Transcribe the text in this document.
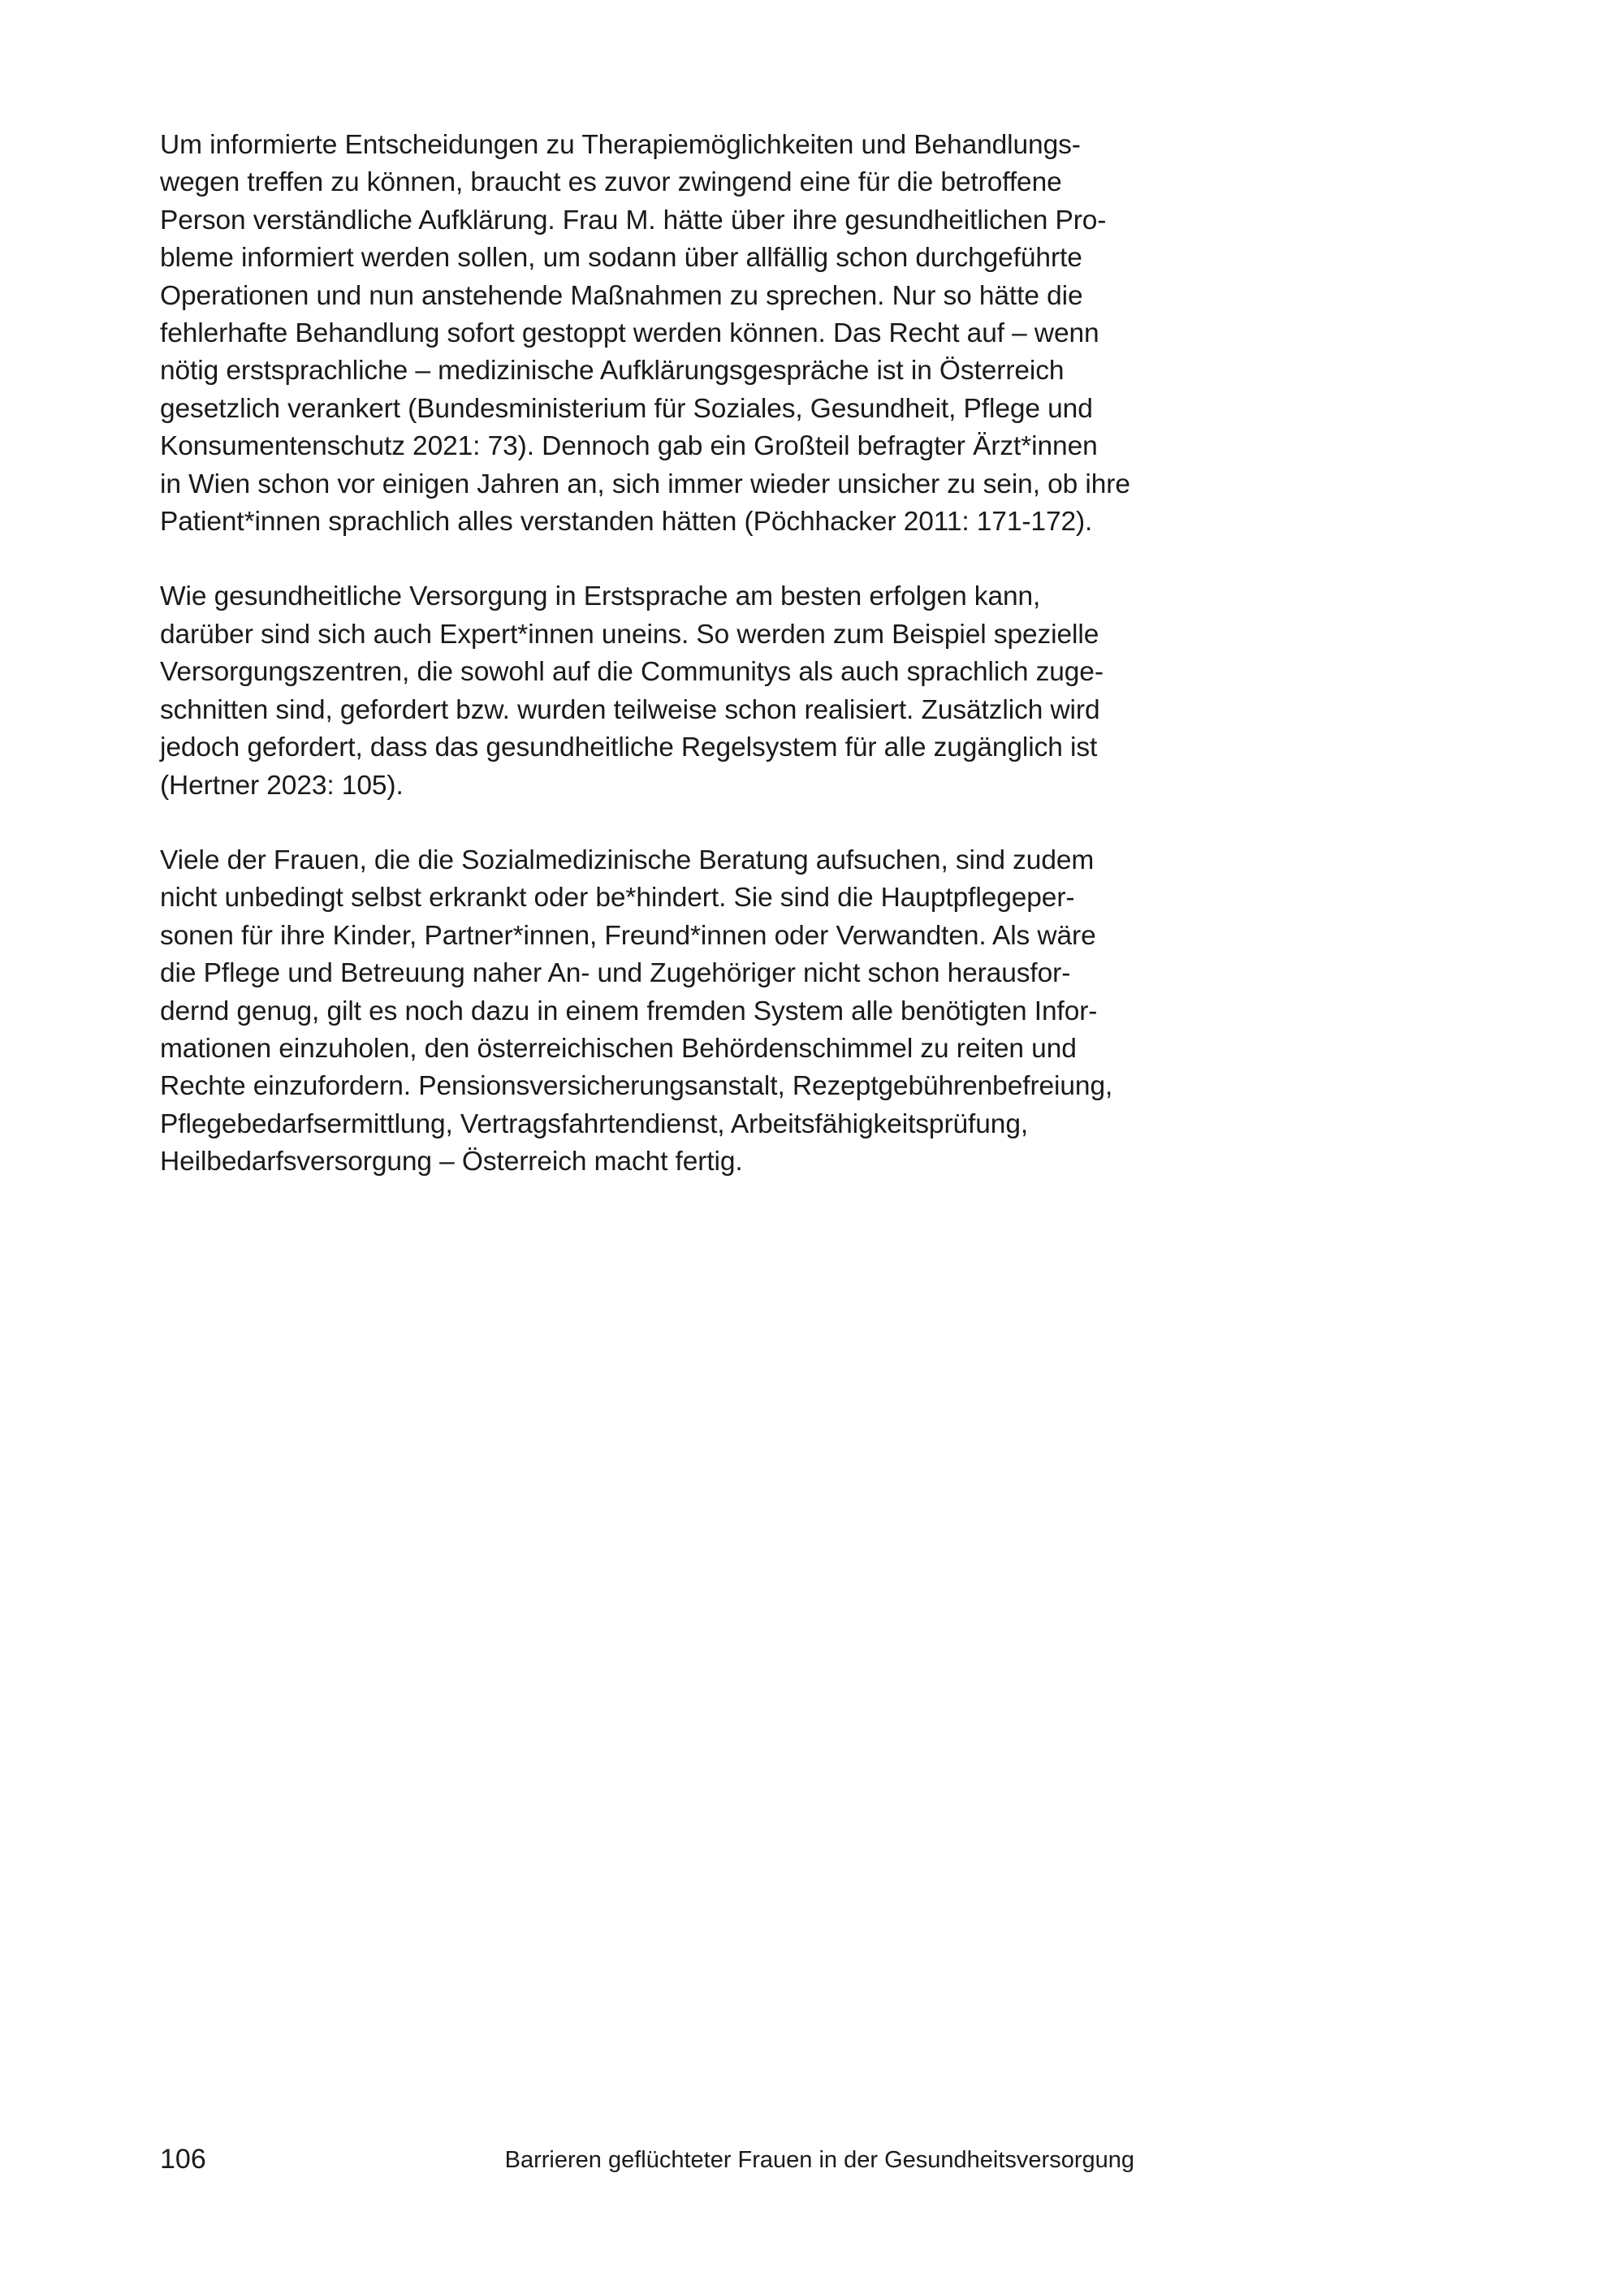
Um informierte Entscheidungen zu Therapiemöglichkeiten und Behandlungs-
wegen treffen zu können, braucht es zuvor zwingend eine für die betroffene
Person verständliche Aufklärung. Frau M. hätte über ihre gesundheitlichen Pro-
bleme informiert werden sollen, um sodann über allfällig schon durchgeführte
Operationen und nun anstehende Maßnahmen zu sprechen. Nur so hätte die
fehlerhafte Behandlung sofort gestoppt werden können. Das Recht auf – wenn
nötig erstsprachliche – medizinische Aufklärungsgespräche ist in Österreich
gesetzlich verankert (Bundesministerium für Soziales, Gesundheit, Pflege und
Konsumentenschutz 2021: 73). Dennoch gab ein Großteil befragter Ärzt*innen
in Wien schon vor einigen Jahren an, sich immer wieder unsicher zu sein, ob ihre
Patient*innen sprachlich alles verstanden hätten (Pöchhacker 2011: 171-172).

Wie gesundheitliche Versorgung in Erstsprache am besten erfolgen kann,
darüber sind sich auch Expert*innen uneins. So werden zum Beispiel spezielle
Versorgungszentren, die sowohl auf die Communitys als auch sprachlich zuge-
schnitten sind, gefordert bzw. wurden teilweise schon realisiert. Zusätzlich wird
jedoch gefordert, dass das gesundheitliche Regelsystem für alle zugänglich ist
(Hertner 2023: 105).

Viele der Frauen, die die Sozialmedizinische Beratung aufsuchen, sind zudem
nicht unbedingt selbst erkrankt oder be*hindert. Sie sind die Hauptpflegeper-
sonen für ihre Kinder, Partner*innen, Freund*innen oder Verwandten. Als wäre
die Pflege und Betreuung naher An- und Zugehöriger nicht schon herausfor-
dernd genug, gilt es noch dazu in einem fremden System alle benötigten Infor-
mationen einzuholen, den österreichischen Behördenschimmel zu reiten und
Rechte einzufordern. Pensionsversicherungsanstalt, Rezeptgebührenbefreiung,
Pflegebedarfsermittlung, Vertragsfahrtendienst, Arbeitsfähigkeitsprüfung,
Heilbedarfsversorgung – Österreich macht fertig.

106	Barrieren geflüchteter Frauen in der Gesundheitsversorgung
